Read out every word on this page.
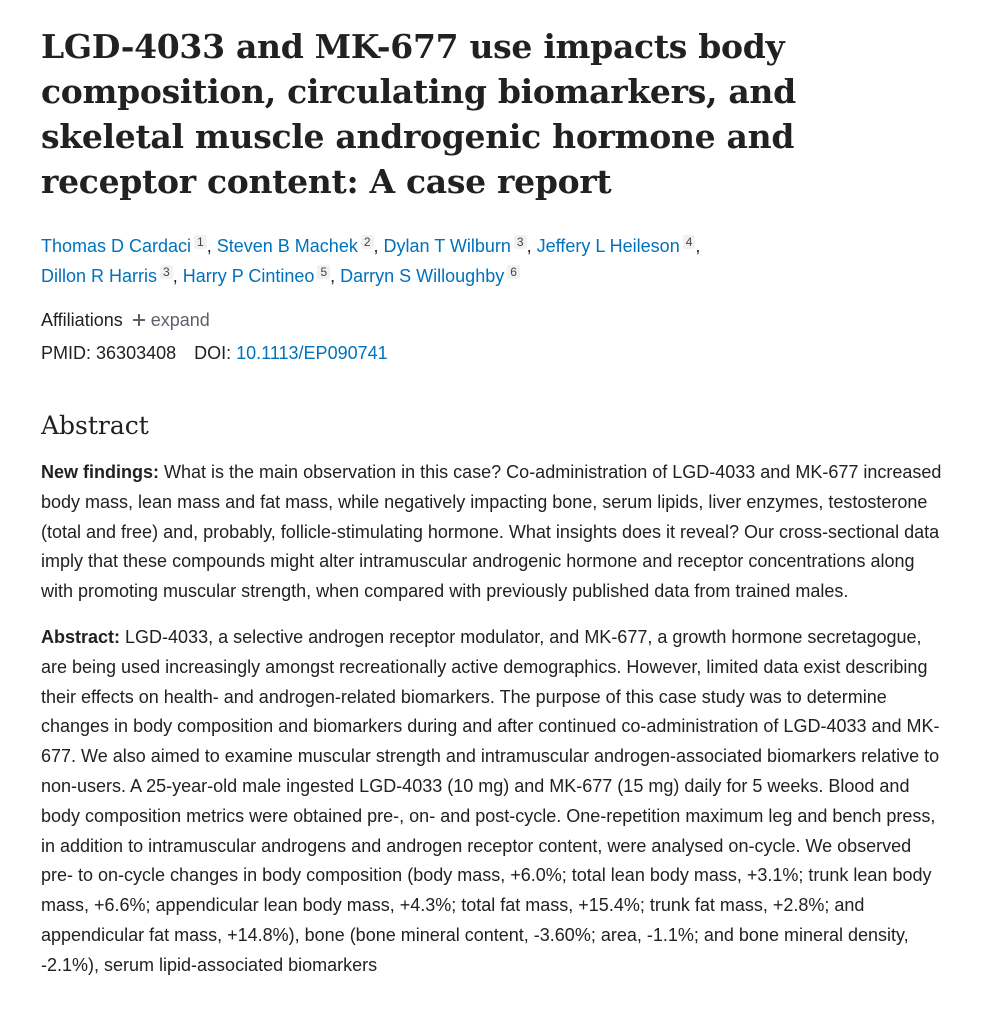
LGD-4033 and MK-677 use impacts body composition, circulating biomarkers, and skeletal muscle androgenic hormone and receptor content: A case report
Thomas D Cardaci 1 , Steven B Machek 2 , Dylan T Wilburn 3 , Jeffery L Heileson 4 ,
Dillon R Harris 3 , Harry P Cintineo 5 , Darryn S Willoughby 6
Affiliations expand
PMID: 36303408 DOI: 10.1113/EP090741
Abstract

New findings: What is the main observation in this case? Co-administration of LGD-4033 and MK-677 increased body mass, lean mass and fat mass, while negatively impacting bone, serum lipids, liver enzymes, testosterone (total and free) and, probably, follicle-stimulating hormone. What insights does it reveal? Our cross-sectional data imply that these compounds might alter intramuscular androgenic hormone and receptor concentrations along with promoting muscular strength, when compared with previously published data from trained males.

Abstract: LGD-4033, a selective androgen receptor modulator, and MK-677, a growth hormone secretagogue, are being used increasingly amongst recreationally active demographics. However, limited data exist describing their effects on health- and androgen-related biomarkers. The purpose of this case study was to determine changes in body composition and biomarkers during and after continued co-administration of LGD-4033 and MK-677. We also aimed to examine muscular strength and intramuscular androgen-associated biomarkers relative to non-users. A 25-year-old male ingested LGD-4033 (10 mg) and MK-677 (15 mg) daily for 5 weeks. Blood and body composition metrics were obtained pre-, on- and post-cycle. One-repetition maximum leg and bench press, in addition to intramuscular androgens and androgen receptor content, were analysed on-cycle. We observed pre- to on-cycle changes in body composition (body mass, +6.0%; total lean body mass, +3.1%; trunk lean body mass, +6.6%; appendicular lean body mass, +4.3%; total fat mass, +15.4%; trunk fat mass, +2.8%; and appendicular fat mass, +14.8%), bone (bone mineral content, -3.60%; area, -1.1%; and bone mineral density, -2.1%), serum lipid-associated biomarkers
